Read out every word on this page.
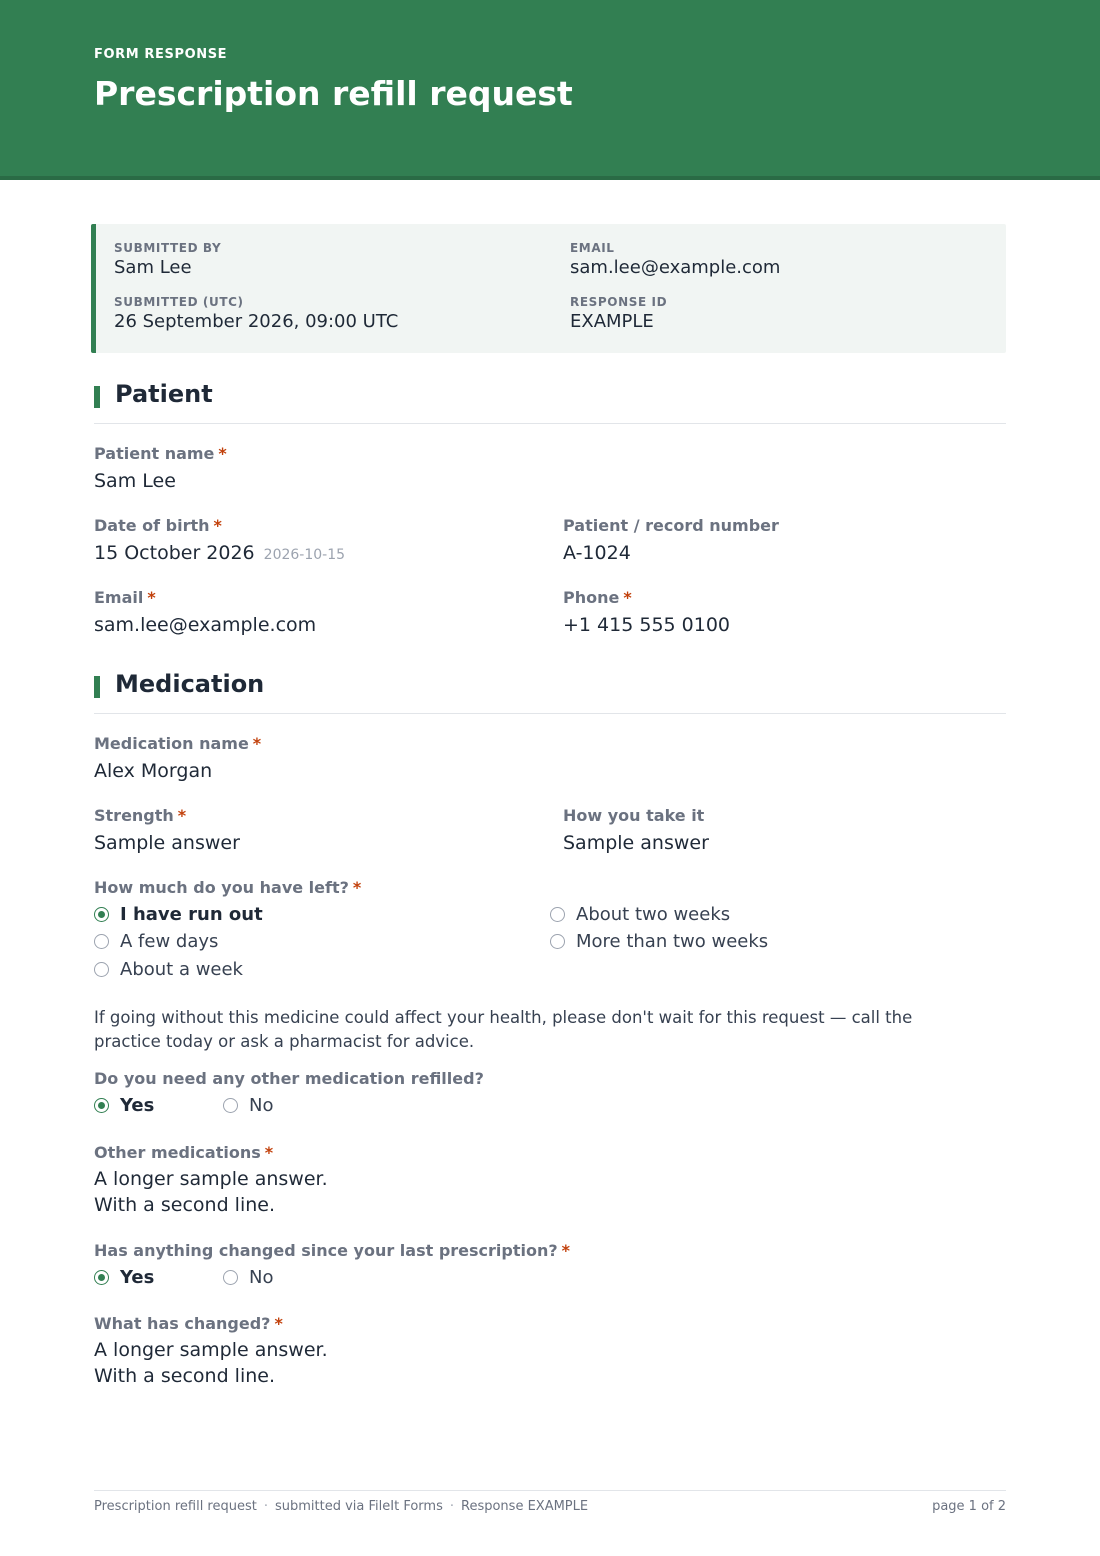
FORM RESPONSE
Prescription refill request
SUBMITTED BY
Sam Lee
EMAIL
sam.lee@example.com
SUBMITTED (UTC)
26 September 2026, 09:00 UTC
RESPONSE ID
EXAMPLE
Patient
Patient name *
Sam Lee
Date of birth *
15 October 2026 2026-10-15
Patient / record number
A-1024
Email *
sam.lee@example.com
Phone *
+1 415 555 0100
Medication
Medication name *
Alex Morgan
Strength *
Sample answer
How you take it
Sample answer
How much do you have left? *
I have run out
A few days
About a week
About two weeks
More than two weeks
If going without this medicine could affect your health, please don't wait for this request — call the practice today or ask a pharmacist for advice.
Do you need any other medication refilled?
Yes	No
Other medications *
A longer sample answer.
With a second line.
Has anything changed since your last prescription? *
Yes	No
What has changed? *
A longer sample answer.
With a second line.
Prescription refill request · submitted via FileIt Forms · Response EXAMPLE	page 1 of 2
